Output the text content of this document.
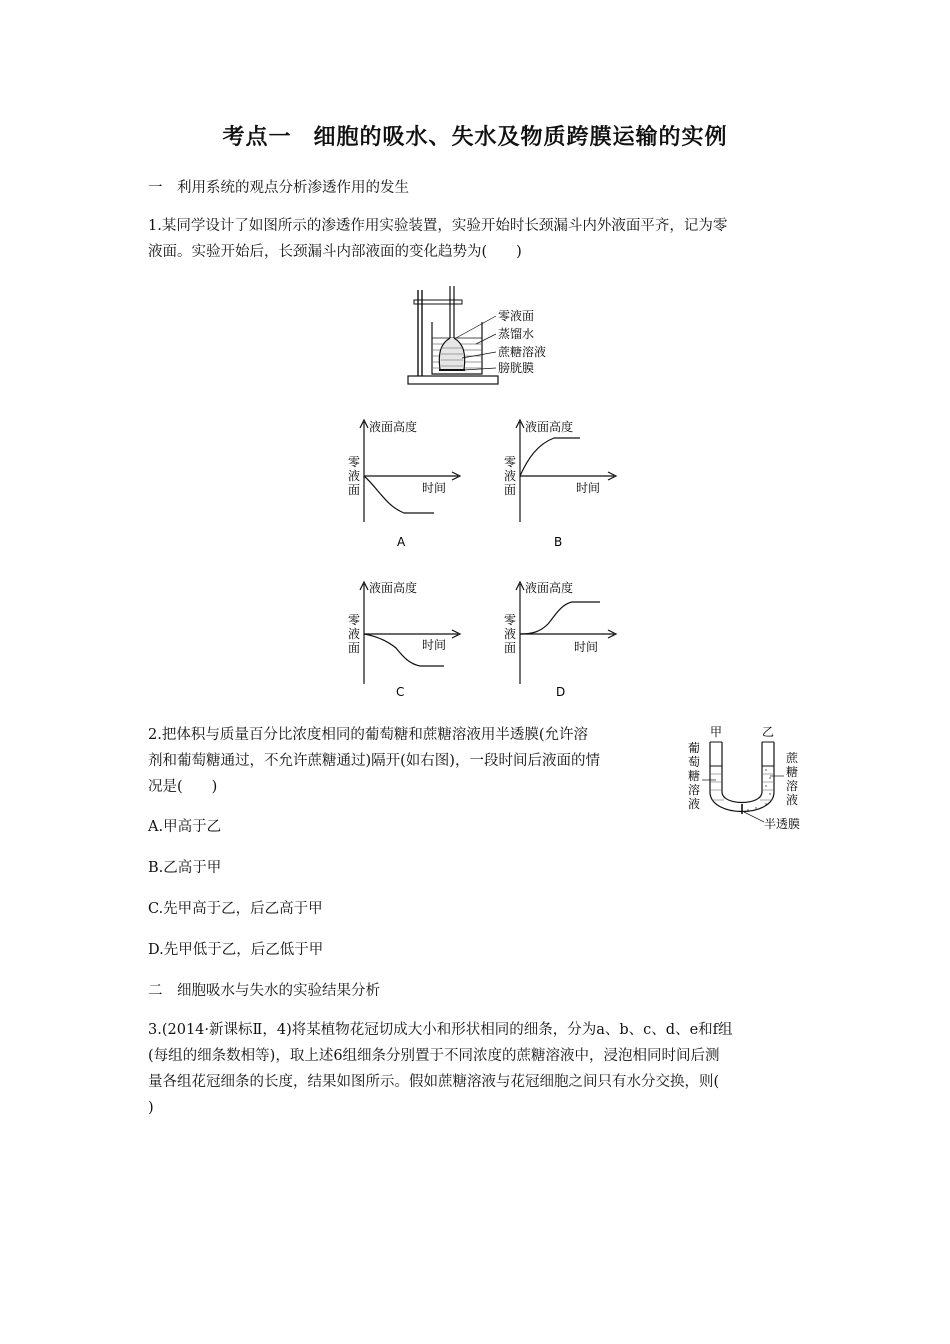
考点一 细胞的吸水、失水及物质跨膜运输的实例
一　利用系统的观点分析渗透作用的发生
1.某同学设计了如图所示的渗透作用实验装置，实验开始时长颈漏斗内外液面平齐，记为零
液面。实验开始后，长颈漏斗内部液面的变化趋势为(　　)
零液面
蒸馏水
蔗糖溶液
膀胱膜
液面高度
零
液
面	时间
A
液面高度
零
液
面	时间
B
液面高度
零
液
面	时间
C
液面高度
零
液
面	时间
D
2.把体积与质量百分比浓度相同的葡萄糖和蔗糖溶液用半透膜(允许溶
剂和葡萄糖通过，不允许蔗糖通过)隔开(如右图)，一段时间后液面的情
况是(　　)
甲	乙
半透膜
葡
萄
糖
溶
液
蔗
糖
溶
液
A.甲高于乙
B.乙高于甲
C.先甲高于乙，后乙高于甲
D.先甲低于乙，后乙低于甲
二　细胞吸水与失水的实验结果分析
3.(2014·新课标Ⅱ，4)将某植物花冠切成大小和形状相同的细条，分为a、b、c、d、e和f组
(每组的细条数相等)，取上述6组细条分别置于不同浓度的蔗糖溶液中，浸泡相同时间后测
量各组花冠细条的长度，结果如图所示。假如蔗糖溶液与花冠细胞之间只有水分交换，则(
)
